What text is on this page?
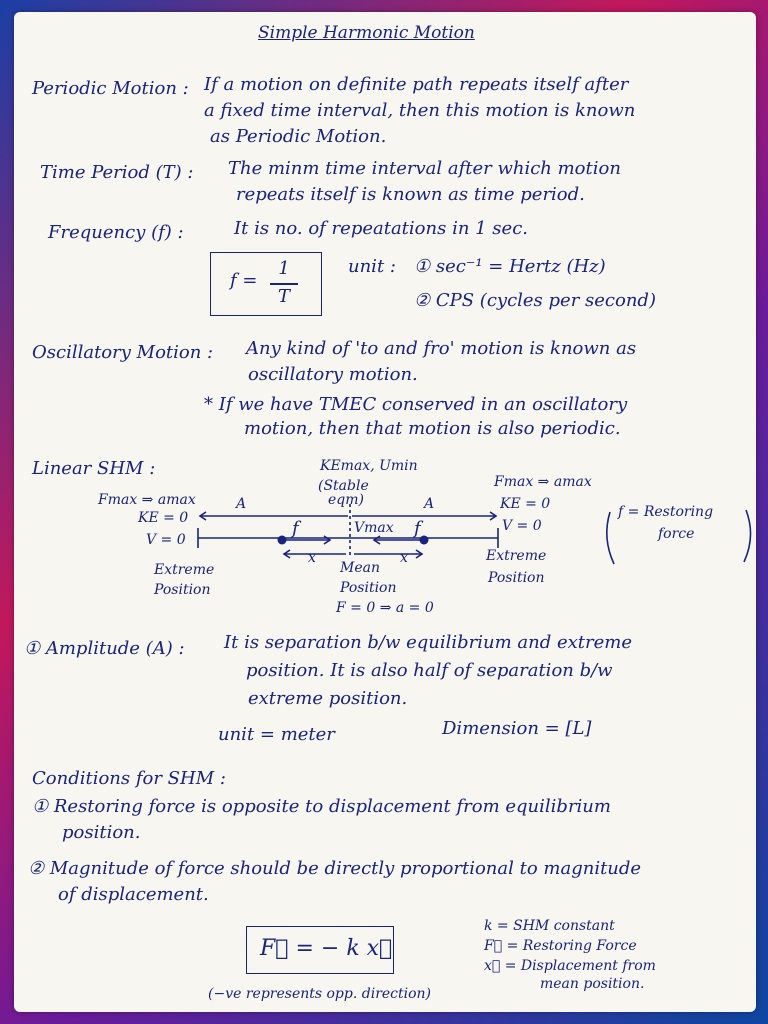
Simple Harmonic Motion
Periodic Motion : If a motion on definite path repeats itself after
a fixed time interval, then this motion is known
as Periodic Motion.
Time Period (T) : The minm time interval after which motion
repeats itself is known as time period.
Frequency (f) :	It is no. of repeatations in 1 sec.
f =
1
T
unit : ① sec⁻¹ = Hertz (Hz)
② CPS (cycles per second)
Oscillatory Motion : Any kind of 'to and fro' motion is known as
oscillatory motion.
* If we have TMEC conserved in an oscillatory
motion, then that motion is also periodic.
Linear SHM :	KEmax, Umin
(Stable
eqm)
Fmax ⇒ amax
KE = 0
V = 0
Extreme
Position
A	A
f	f
x	x
Vmax
Mean
Position
F = 0 ⇒ a = 0
Fmax ⇒ amax
KE = 0
V = 0
Extreme
Position
f = Restoring
force
① Amplitude (A) : It is separation b/w equilibrium and extreme
position. It is also half of separation b/w
extreme position.
unit = meter	Dimension = [L]
Conditions for SHM :
① Restoring force is opposite to displacement from equilibrium
position.
② Magnitude of force should be directly proportional to magnitude
of displacement.
F⃗ = − k x⃗
(−ve represents opp. direction)
k = SHM constant
F⃗ = Restoring Force
x⃗ = Displacement from
mean position.
